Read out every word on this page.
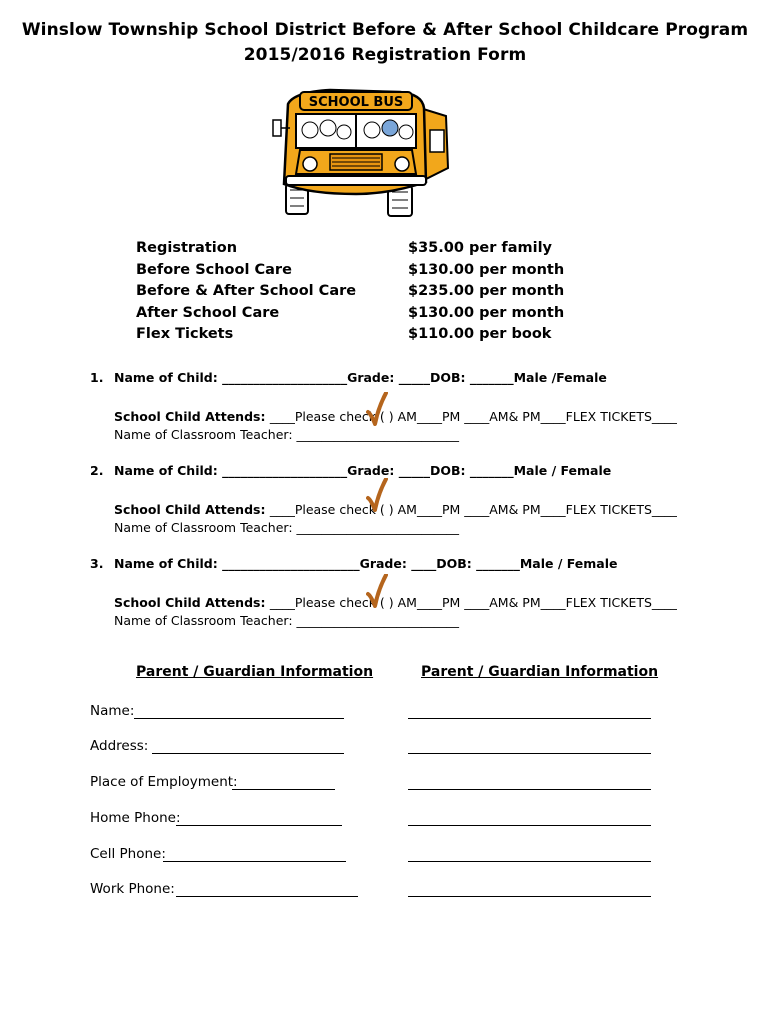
Winslow Township School District Before & After School Childcare Program
2015/2016 Registration Form
SCHOOL BUS
Registration	$35.00 per family
Before School Care	$130.00 per month
Before & After School Care	$235.00 per month
After School Care	$130.00 per month
Flex Tickets	$110.00 per book
1. Name of Child: ____________________Grade: _____DOB: _______Male /Female
School Child Attends: ____Please check ( ) AM____PM ____AM& PM____FLEX TICKETS____
Name of Classroom Teacher: __________________________
2. Name of Child: ____________________Grade: _____DOB: _______Male / Female
School Child Attends: ____Please check ( ) AM____PM ____AM& PM____FLEX TICKETS____
Name of Classroom Teacher: __________________________
3. Name of Child: ______________________Grade: ____DOB: _______Male / Female
School Child Attends: ____Please check ( ) AM____PM ____AM& PM____FLEX TICKETS____
Name of Classroom Teacher: __________________________
Parent / Guardian Information	Parent / Guardian Information
Name:
Address:
Place of Employment:
Home Phone:
Cell Phone:
Work Phone:
